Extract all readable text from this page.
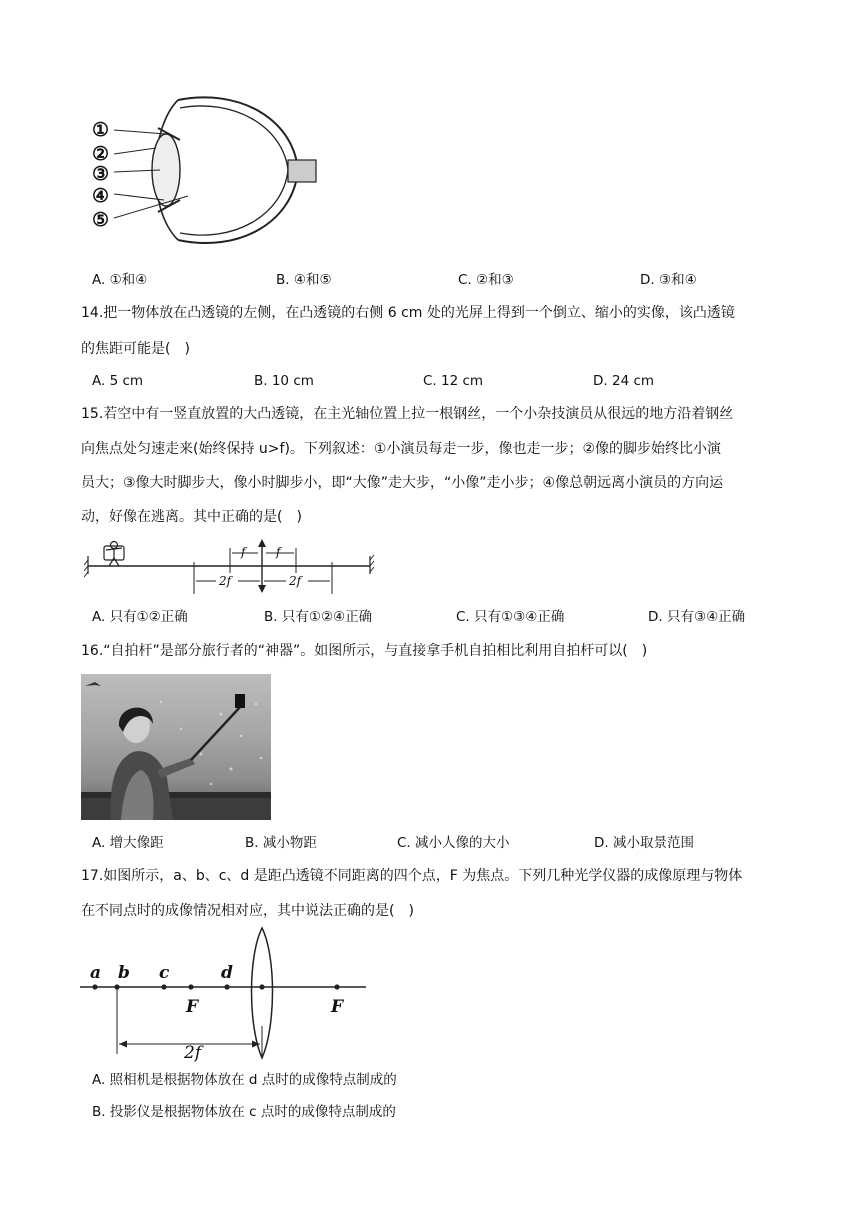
①
②
③
④
⑤
A. ①和④	B. ④和⑤	C. ②和③	D. ③和④
14.把一物体放在凸透镜的左侧，在凸透镜的右侧 6 cm 处的光屏上得到一个倒立、缩小的实像，该凸透镜
的焦距可能是(　)
A. 5 cm	B. 10 cm	C. 12 cm	D. 24 cm
15.若空中有一竖直放置的大凸透镜，在主光轴位置上拉一根钢丝，一个小杂技演员从很远的地方沿着钢丝
向焦点处匀速走来(始终保持 u>f)。下列叙述：①小演员每走一步，像也走一步；②像的脚步始终比小演
员大；③像大时脚步大，像小时脚步小，即“大像”走大步，“小像”走小步；④像总朝远离小演员的方向运
动，好像在逃离。其中正确的是(　)
f	f
2f	2f
A. 只有①②正确	B. 只有①②④正确	C. 只有①③④正确	D. 只有③④正确
16.“自拍杆”是部分旅行者的“神器”。如图所示，与直接拿手机自拍相比利用自拍杆可以(　)
A. 增大像距	B. 减小物距	C. 减小人像的大小	D. 减小取景范围
17.如图所示，a、b、c、d 是距凸透镜不同距离的四个点，F 为焦点。下列几种光学仪器的成像原理与物体
在不同点时的成像情况相对应，其中说法正确的是(　)
a b c	d
F	F
2f
A. 照相机是根据物体放在 d 点时的成像特点制成的
B. 投影仪是根据物体放在 c 点时的成像特点制成的
